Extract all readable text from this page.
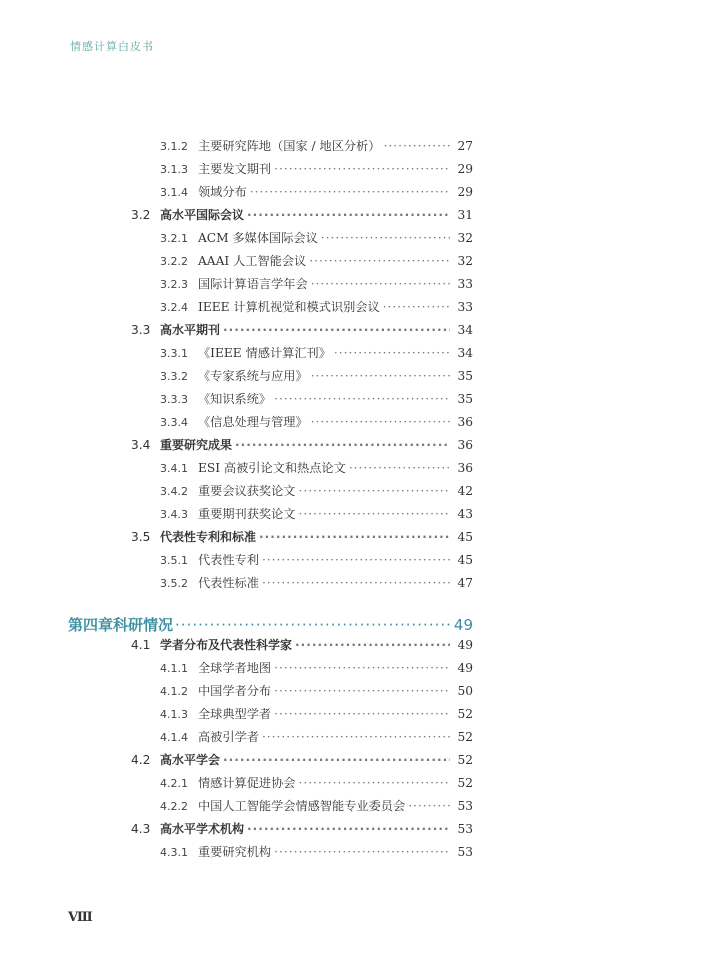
情感计算白皮书
3.1.2 主要研究阵地（国家 / 地区分析） ·····	27
3.1.3 主要发文期刊 ·····	29
3.1.4 领域分布 ·····	29
3.2 高水平国际会议 ·····	31
3.2.1 ACM 多媒体国际会议 ·····	32
3.2.2 AAAI 人工智能会议 ·····	32
3.2.3 国际计算语言学年会 ·····	33
3.2.4 IEEE 计算机视觉和模式识别会议 ·····	33
3.3 高水平期刊 ·····	34
3.3.1 《IEEE 情感计算汇刊》 ·····	34
3.3.2 《专家系统与应用》 ·····	35
3.3.3 《知识系统》 ·····	35
3.3.4 《信息处理与管理》 ·····	36
3.4 重要研究成果 ·····	36
3.4.1 ESI 高被引论文和热点论文 ·····	36
3.4.2 重要会议获奖论文 ·····	42
3.4.3 重要期刊获奖论文 ·····	43
3.5 代表性专利和标准 ·····	45
3.5.1 代表性专利 ·····	45
3.5.2 代表性标准 ·····	47
第四章 科研情况 ·····	49
4.1 学者分布及代表性科学家 ·····	49
4.1.1 全球学者地图 ·····	49
4.1.2 中国学者分布 ·····	50
4.1.3 全球典型学者 ·····	52
4.1.4 高被引学者 ·····	52
4.2 高水平学会 ·····	52
4.2.1 情感计算促进协会 ·····	52
4.2.2 中国人工智能学会情感智能专业委员会 ·····	53
4.3 高水平学术机构 ·····	53
4.3.1 重要研究机构 ·····	53
Ⅷ
